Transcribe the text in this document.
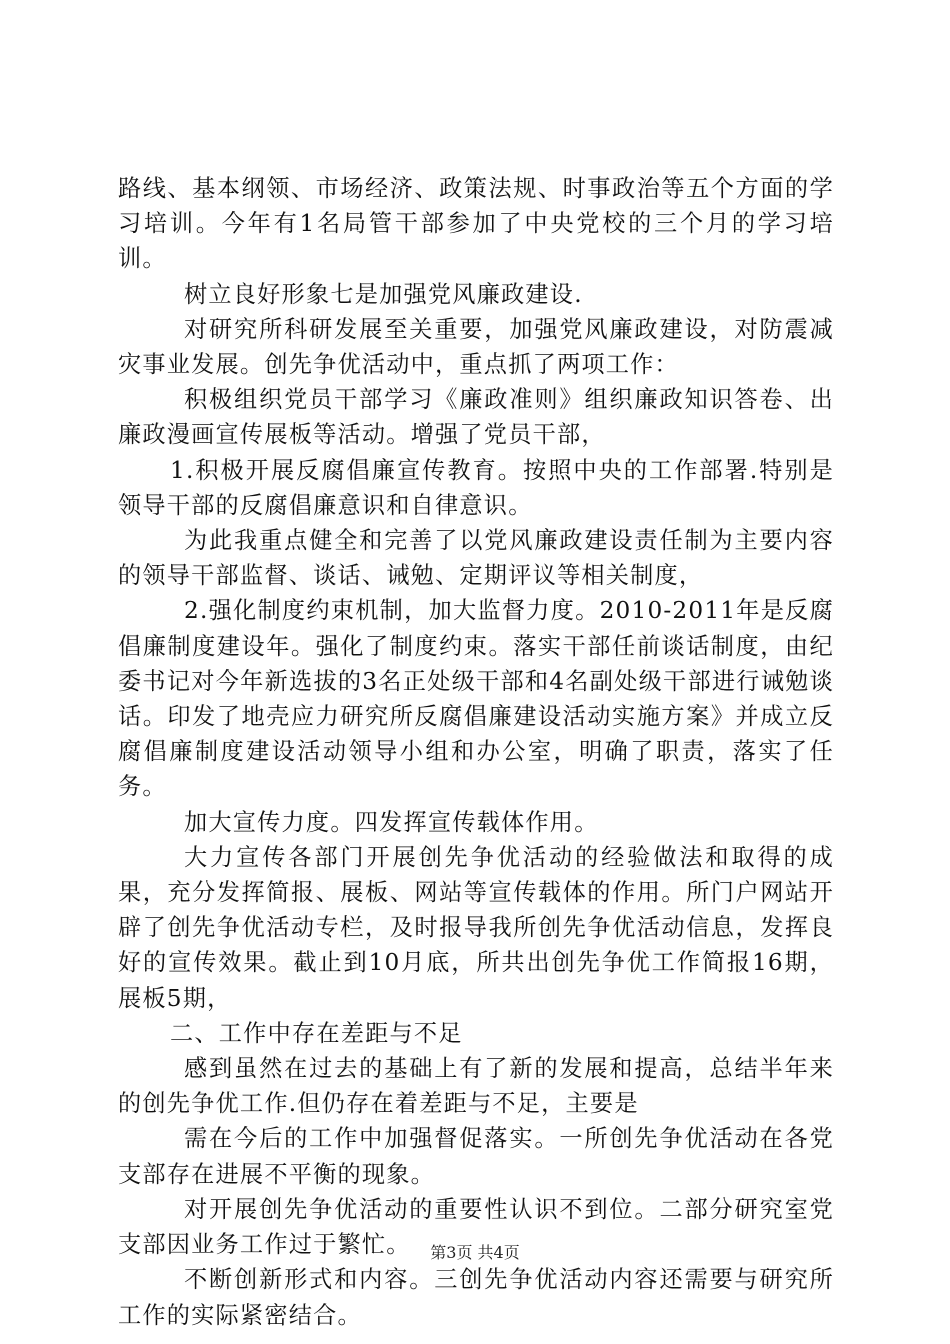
路线、基本纲领、市场经济、政策法规、时事政治等五个方面的学习培训。今年有1名局管干部参加了中央党校的三个月的学习培训。

树立良好形象七是加强党风廉政建设.

对研究所科研发展至关重要，加强党风廉政建设，对防震减灾事业发展。创先争优活动中，重点抓了两项工作：

积极组织党员干部学习《廉政准则》组织廉政知识答卷、出廉政漫画宣传展板等活动。增强了党员干部，

1.积极开展反腐倡廉宣传教育。按照中央的工作部署.特别是领导干部的反腐倡廉意识和自律意识。

为此我重点健全和完善了以党风廉政建设责任制为主要内容的领导干部监督、谈话、诫勉、定期评议等相关制度，

2.强化制度约束机制，加大监督力度。2010-2011年是反腐倡廉制度建设年。强化了制度约束。落实干部任前谈话制度，由纪委书记对今年新选拔的3名正处级干部和4名副处级干部进行诫勉谈话。印发了地壳应力研究所反腐倡廉建设活动实施方案》并成立反腐倡廉制度建设活动领导小组和办公室，明确了职责，落实了任务。

加大宣传力度。四发挥宣传载体作用。

大力宣传各部门开展创先争优活动的经验做法和取得的成果，充分发挥简报、展板、网站等宣传载体的作用。所门户网站开辟了创先争优活动专栏，及时报导我所创先争优活动信息，发挥良好的宣传效果。截止到10月底，所共出创先争优工作简报16期，展板5期，

二、工作中存在差距与不足

感到虽然在过去的基础上有了新的发展和提高，总结半年来的创先争优工作.但仍存在着差距与不足，主要是

需在今后的工作中加强督促落实。一所创先争优活动在各党支部存在进展不平衡的现象。

对开展创先争优活动的重要性认识不到位。二部分研究室党支部因业务工作过于繁忙。

不断创新形式和内容。三创先争优活动内容还需要与研究所工作的实际紧密结合。

第3页 共4页
